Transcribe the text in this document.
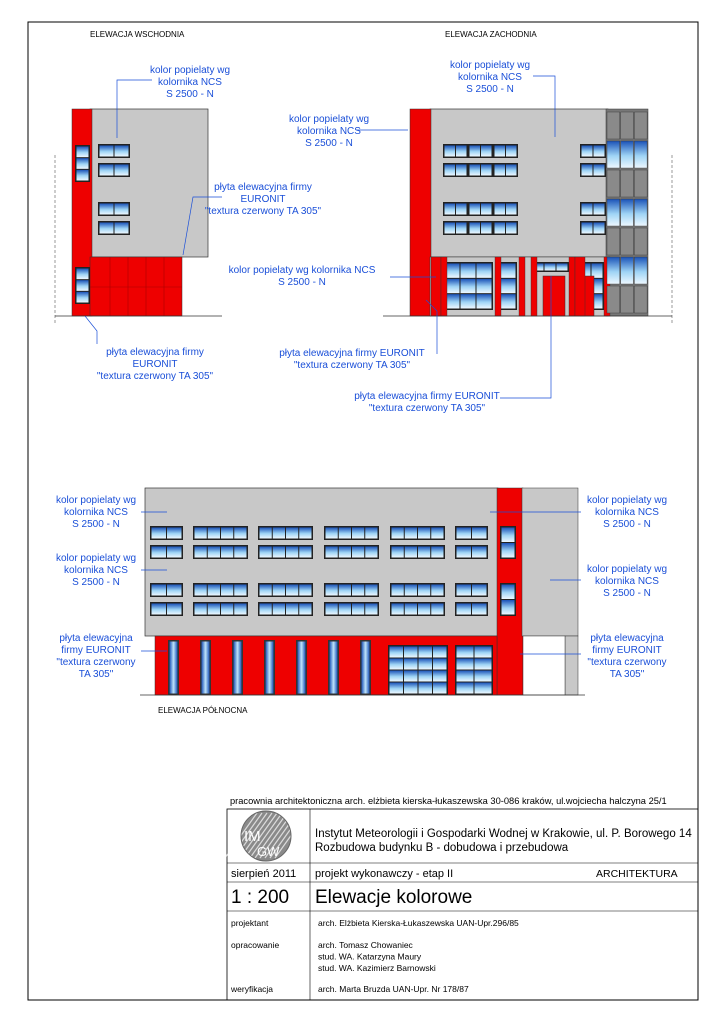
ELEWACJA WSCHODNIA	ELEWACJA ZACHODNIA
ELEWACJA PÓŁNOCNA
kolor popielaty wg
kolornika NCS
S 2500 - N
płyta elewacyjna firmy
EURONIT
"textura czerwony TA 305"
płyta elewacyjna firmy
EURONIT
"textura czerwony TA 305"
kolor popielaty wg
kolornika NCS
S 2500 - N
kolor popielaty wg
kolornika NCS
S 2500 - N
kolor popielaty wg kolornika NCS
S 2500 - N
płyta elewacyjna firmy EURONIT
"textura czerwony TA 305"
płyta elewacyjna firmy EURONIT
"textura czerwony TA 305"
kolor popielaty wg
kolornika NCS
S 2500 - N
kolor popielaty wg
kolornika NCS
S 2500 - N
płyta elewacyjna
firmy EURONIT
"textura czerwony
TA 305"
kolor popielaty wg
kolornika NCS
S 2500 - N
kolor popielaty wg
kolornika NCS
S 2500 - N
płyta elewacyjna
firmy EURONIT
"textura czerwony
TA 305"
pracownia architektoniczna arch. elżbieta kierska-łukaszewska 30-086 kraków, ul.wojciecha halczyna 25/1
IM
GW
Instytut Meteorologii i Gospodarki Wodnej w Krakowie, ul. P. Borowego 14
Rozbudowa budynku B - dobudowa i przebudowa
sierpień 2011 projekt wykonawczy - etap II	ARCHITEKTURA
1 : 200 Elewacje kolorowe
projektant	arch. Elżbieta Kierska-Łukaszewska UAN-Upr.296/85
opracowanie	arch. Tomasz Chowaniec
stud. WA. Katarzyna Maury
stud. WA. Kazimierz Barnowski
weryfikacja	arch. Marta Bruzda UAN-Upr. Nr 178/87
